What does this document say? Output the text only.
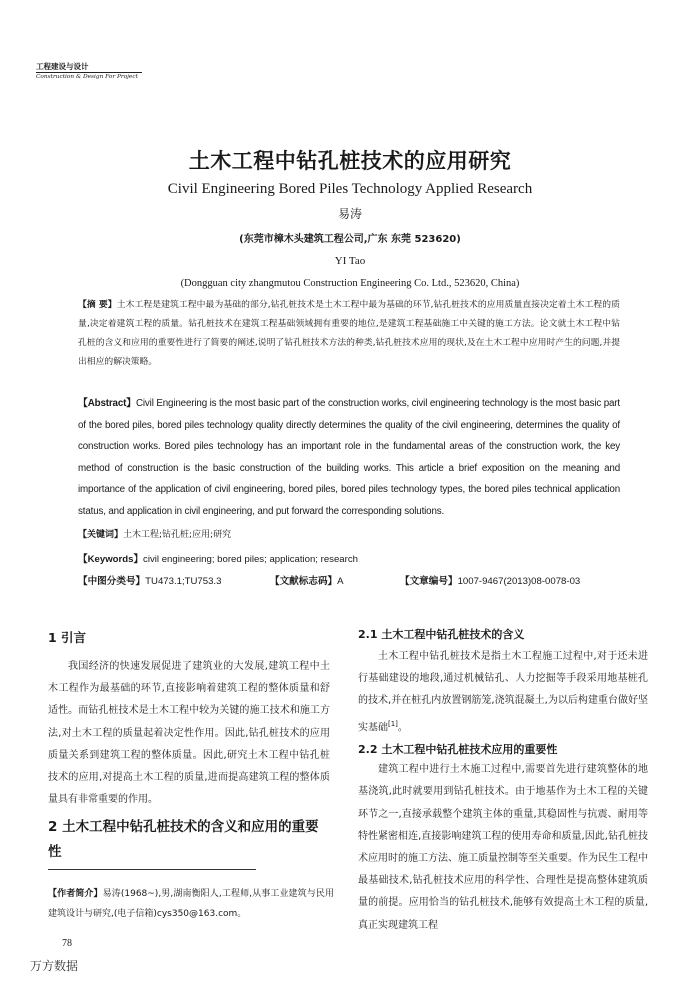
工程建设与设计
Construction & Design For Project
土木工程中钻孔桩技术的应用研究
Civil Engineering Bored Piles Technology Applied Research
易涛
(东莞市樟木头建筑工程公司,广东 东莞 523620)
YI Tao
(Dongguan city zhangmutou Construction Engineering Co. Ltd., 523620, China)
【摘 要】土木工程是建筑工程中最为基础的部分,钻孔桩技术是土木工程中最为基础的环节,钻孔桩技术的应用质量直接决定着土木工程的质量,决定着建筑工程的质量。钻孔桩技术在建筑工程基础领域拥有重要的地位,是建筑工程基础施工中关键的施工方法。论文就土木工程中钻孔桩的含义和应用的重要性进行了简要的阐述,说明了钻孔桩技术方法的种类,钻孔桩技术应用的现状,及在土木工程中应用时产生的问题,并提出相应的解决策略。
【Abstract】Civil Engineering is the most basic part of the construction works, civil engineering technology is the most basic part of the bored piles, bored piles technology quality directly determines the quality of the civil engineering, determines the quality of construction works. Bored piles technology has an important role in the fundamental areas of the construction work, the key method of construction is the basic construction of the building works. This article a brief exposition on the meaning and importance of the application of civil engineering, bored piles, bored piles technology types, the bored piles technical application status, and application in civil engineering, and put forward the corresponding solutions.
【关键词】土木工程;钻孔桩;应用;研究
【Keywords】civil engineering; bored piles; application; research
【中图分类号】TU473.1;TU753.3	【文献标志码】A	【文章编号】1007-9467(2013)08-0078-03

1 引言

我国经济的快速发展促进了建筑业的大发展,建筑工程中土木工程作为最基础的环节,直接影响着建筑工程的整体质量和舒适性。而钻孔桩技术是土木工程中较为关键的施工技术和施工方法,对土木工程的质量起着决定性作用。因此,钻孔桩技术的应用质量关系到建筑工程的整体质量。因此,研究土木工程中钻孔桩技术的应用,对提高土木工程的质量,进而提高建筑工程的整体质量具有非常重要的作用。

2 土木工程中钻孔桩技术的含义和应用的重要性

【作者简介】易涛(1968~),男,湖南衡阳人,工程师,从事工业建筑与民用建筑设计与研究,(电子信箱)cys350@163.com。

2.1 土木工程中钻孔桩技术的含义

土木工程中钻孔桩技术是指土木工程施工过程中,对于还未进行基础建设的地段,通过机械钻孔、人力挖掘等手段采用地基桩孔的技术,并在桩孔内放置钢筋笼,浇筑混凝土,为以后构建重台做好坚实基础[1]。

2.2 土木工程中钻孔桩技术应用的重要性

建筑工程中进行土木施工过程中,需要首先进行建筑整体的地基浇筑,此时就要用到钻孔桩技术。由于地基作为土木工程的关键环节之一,直接承载整个建筑主体的重量,其稳固性与抗震、耐用等特性紧密相连,直接影响建筑工程的使用寿命和质量,因此,钻孔桩技术应用时的施工方法、施工质量控制等至关重要。作为民生工程中最基础技术,钻孔桩技术应用的科学性、合理性是提高整体建筑质量的前提。应用恰当的钻孔桩技术,能够有效提高土木工程的质量,真正实现建筑工程

78
万方数据
